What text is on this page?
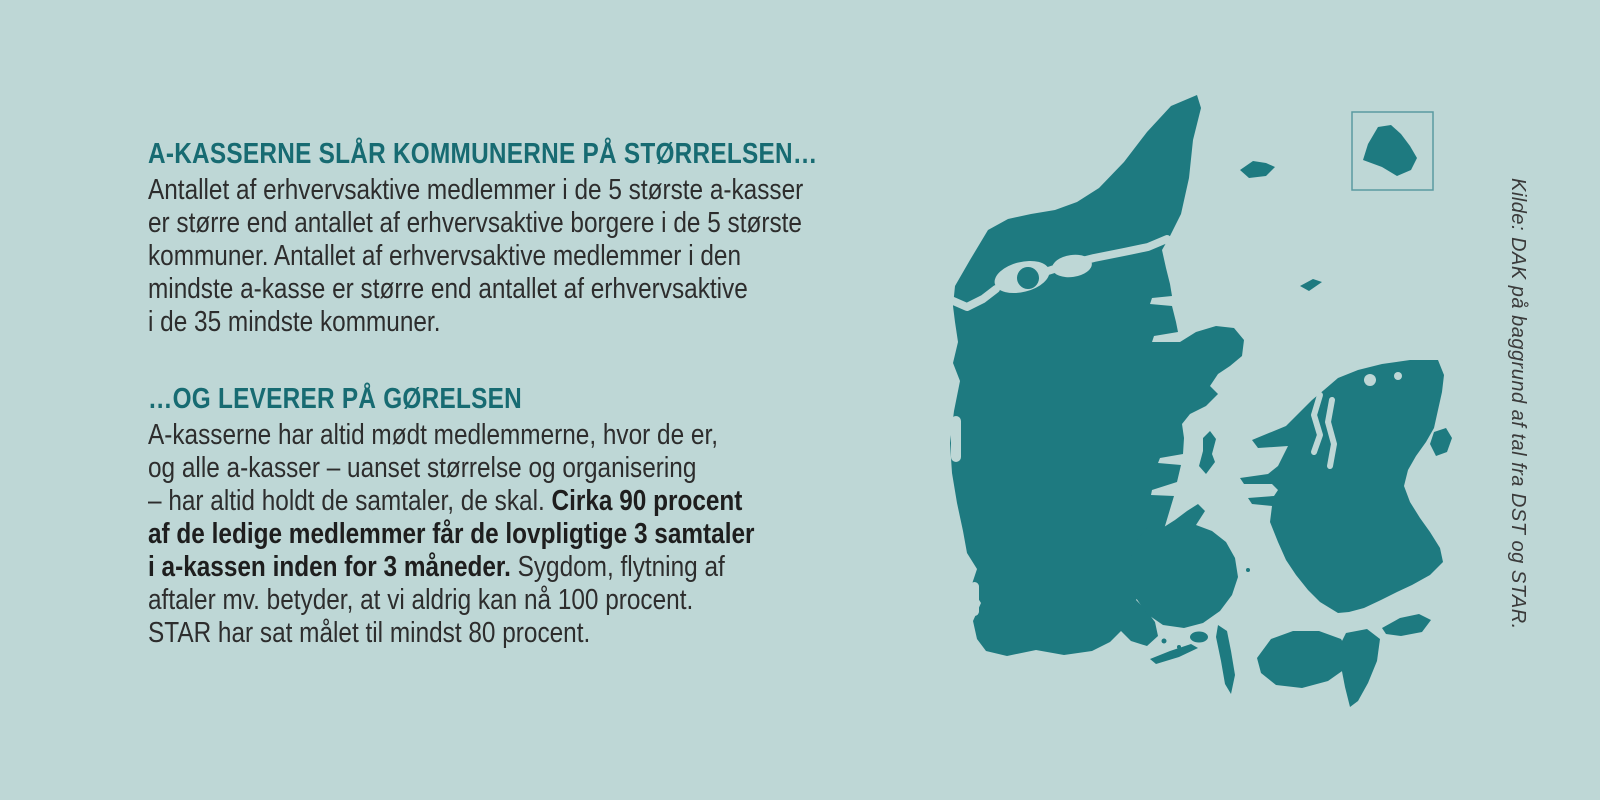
A-KASSERNE SLÅR KOMMUNERNE PÅ STØRRELSEN…
Antallet af erhvervsaktive medlemmer i de 5 største a-kasser
er større end antallet af erhvervsaktive borgere i de 5 største
kommuner. Antallet af erhvervsaktive medlemmer i den
mindste a-kasse er større end antallet af erhvervsaktive
i de 35 mindste kommuner.
…OG LEVERER PÅ GØRELSEN
A-kasserne har altid mødt medlemmerne, hvor de er,
og alle a-kasser – uanset størrelse og organisering
– har altid holdt de samtaler, de skal. Cirka 90 procent
af de ledige medlemmer får de lovpligtige 3 samtaler
i a-kassen inden for 3 måneder. Sygdom, flytning af
aftaler mv. betyder, at vi aldrig kan nå 100 procent.
STAR har sat målet til mindst 80 procent.
Kilde: DAK på baggrund af tal fra DST og STAR.
